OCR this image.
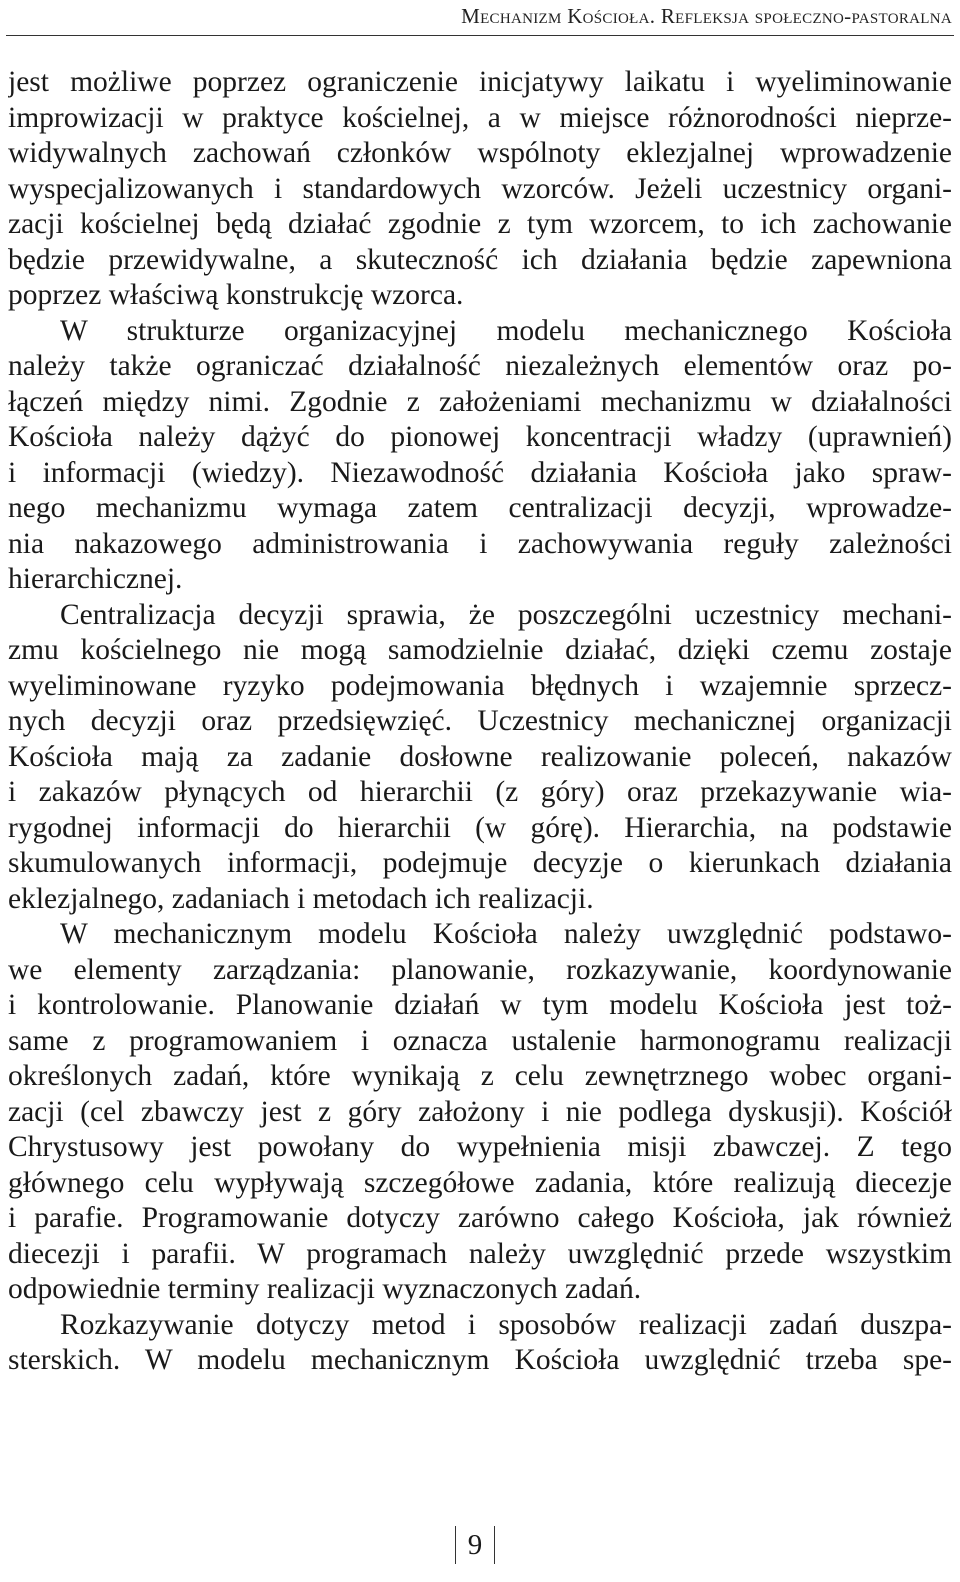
Mechanizm Kościoła. Refleksja społeczno-pastoralna
jest możliwe poprzez ograniczenie inicjatywy laikatu i wyeliminowanie
improwizacji w praktyce kościelnej, a w miejsce różnorodności nieprze-
widywalnych zachowań członków wspólnoty eklezjalnej wprowadzenie
wyspecjalizowanych i standardowych wzorców. Jeżeli uczestnicy organi-
zacji kościelnej będą działać zgodnie z tym wzorcem, to ich zachowanie
będzie przewidywalne, a skuteczność ich działania będzie zapewniona
poprzez właściwą konstrukcję wzorca.
W strukturze organizacyjnej modelu mechanicznego Kościoła
należy także ograniczać działalność niezależnych elementów oraz po-
łączeń między nimi. Zgodnie z założeniami mechanizmu w działalności
Kościoła należy dążyć do pionowej koncentracji władzy (uprawnień)
i informacji (wiedzy). Niezawodność działania Kościoła jako spraw-
nego mechanizmu wymaga zatem centralizacji decyzji, wprowadze-
nia nakazowego administrowania i zachowywania reguły zależności
hierarchicznej.
Centralizacja decyzji sprawia, że poszczególni uczestnicy mechani-
zmu kościelnego nie mogą samodzielnie działać, dzięki czemu zostaje
wyeliminowane ryzyko podejmowania błędnych i wzajemnie sprzecz-
nych decyzji oraz przedsięwzięć. Uczestnicy mechanicznej organizacji
Kościoła mają za zadanie dosłowne realizowanie poleceń, nakazów
i zakazów płynących od hierarchii (z góry) oraz przekazywanie wia-
rygodnej informacji do hierarchii (w górę). Hierarchia, na podstawie
skumulowanych informacji, podejmuje decyzje o kierunkach działania
eklezjalnego, zadaniach i metodach ich realizacji.
W mechanicznym modelu Kościoła należy uwzględnić podstawo-
we elementy zarządzania: planowanie, rozkazywanie, koordynowanie
i kontrolowanie. Planowanie działań w tym modelu Kościoła jest toż-
same z programowaniem i oznacza ustalenie harmonogramu realizacji
określonych zadań, które wynikają z celu zewnętrznego wobec organi-
zacji (cel zbawczy jest z góry założony i nie podlega dyskusji). Kościół
Chrystusowy jest powołany do wypełnienia misji zbawczej. Z tego
głównego celu wypływają szczegółowe zadania, które realizują diecezje
i parafie. Programowanie dotyczy zarówno całego Kościoła, jak również
diecezji i parafii. W programach należy uwzględnić przede wszystkim
odpowiednie terminy realizacji wyznaczonych zadań.
Rozkazywanie dotyczy metod i sposobów realizacji zadań duszpa-
sterskich. W modelu mechanicznym Kościoła uwzględnić trzeba spe-
9
